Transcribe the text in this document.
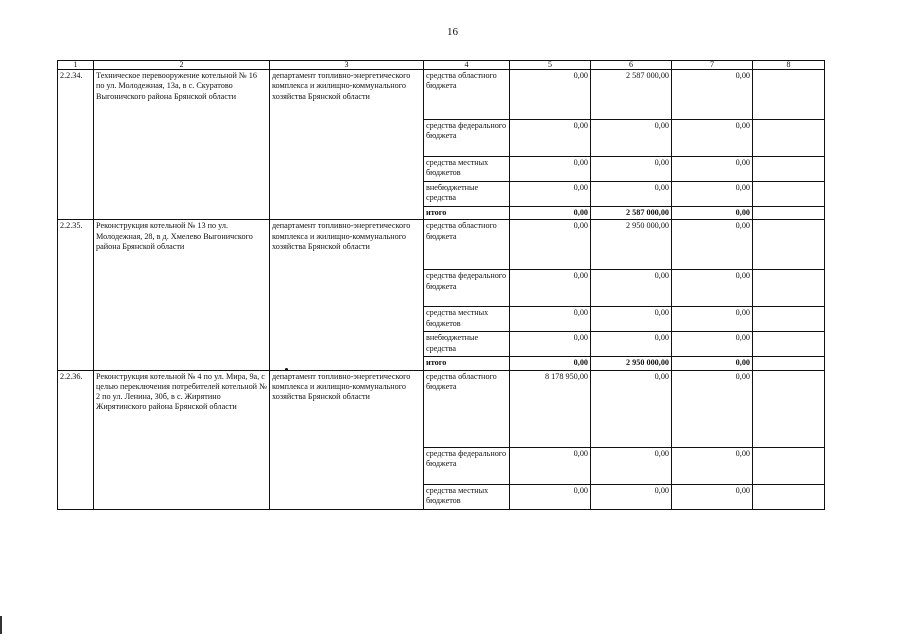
16
1	2	3	4	5	6	7	8
2.2.34.	Техническое перевооружение котельной № 16 по ул. Молодежная, 13а, в с. Скуратово Выгоничского района Брянской области	департамент топливно-энергетического комплекса и жилищно-коммунального хозяйства Брянской области	средства областного бюджета	0,00	2 587 000,00	0,00	
			средства федерального бюджета	0,00	0,00	0,00	
			средства местных бюджетов	0,00	0,00	0,00	
			внебюджетные средства	0,00	0,00	0,00	
			итого	0,00	2 587 000,00	0,00	
2.2.35.	Реконструкция котельной № 13 по ул. Молодежная, 28, в д. Хмелево Выгоничского района Брянской области	департамент топливно-энергетического комплекса и жилищно-коммунального хозяйства Брянской области	средства областного бюджета	0,00	2 950 000,00	0,00	
			средства федерального бюджета	0,00	0,00	0,00	
			средства местных бюджетов	0,00	0,00	0,00	
			внебюджетные средства	0,00	0,00	0,00	
			итого	0,00	2 950 000,00	0,00	
2.2.36.	Реконструкция котельной № 4 по ул. Мира, 9а, с целью переключения потребителей котельной № 2 по ул. Ленина, 30б, в с. Жирятино Жирятинского района Брянской области	департамент топливно-энергетического комплекса и жилищно-коммунального хозяйства Брянской области	средства областного бюджета	8 178 950,00	0,00	0,00	
			средства федерального бюджета	0,00	0,00	0,00	
			средства местных бюджетов	0,00	0,00	0,00	
